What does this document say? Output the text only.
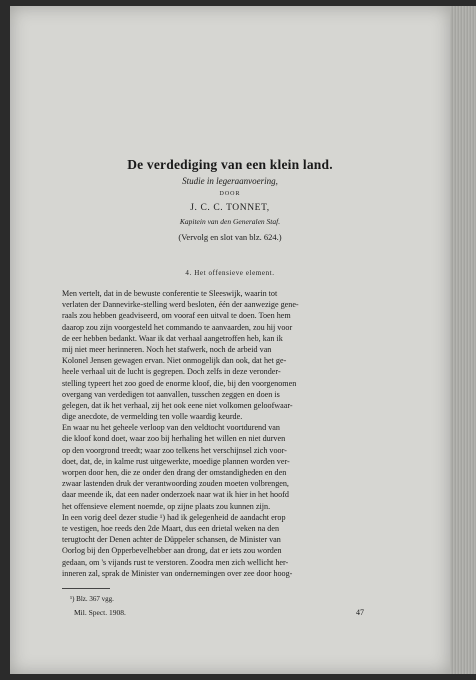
De verdediging van een klein land.
Studie in legeraanvoering,
DOOR
J. C. C. TONNET,
Kapitein van den Generalen Staf.
(Vervolg en slot van blz. 624.)
4. Het offensieve element.
Men vertelt, dat in de bewuste conferentie te Sleeswijk, waarin tot
verlaten der Dannevirke-stelling werd besloten, één der aanwezige gene-
raals zou hebben geadviseerd, om vooraf een uitval te doen. Toen hem
daarop zou zijn voorgesteld het commando te aanvaarden, zou hij voor
de eer hebben bedankt. Waar ik dat verhaal aangetroffen heb, kan ik
mij niet meer herinneren. Noch het stafwerk, noch de arbeid van
Kolonel Jensen gewagen ervan. Niet onmogelijk dan ook, dat het ge-
heele verhaal uit de lucht is gegrepen. Doch zelfs in deze veronder-
stelling typeert het zoo goed de enorme kloof, die, bij den voorgenomen
overgang van verdedigen tot aanvallen, tusschen zeggen en doen is
gelegen, dat ik het verhaal, zij het ook eene niet volkomen geloofwaar-
dige anecdote, de vermelding ten volle waardig keurde.
En waar nu het geheele verloop van den veldtocht voortdurend van
die kloof kond doet, waar zoo bij herhaling het willen en niet durven
op den voorgrond treedt; waar zoo telkens het verschijnsel zich voor-
doet, dat, de, in kalme rust uitgewerkte, moedige plannen worden ver-
worpen door hen, die ze onder den drang der omstandigheden en den
zwaar lastenden druk der verantwoording zouden moeten volbrengen,
daar meende ik, dat een nader onderzoek naar wat ik hier in het hoofd
het offensieve element noemde, op zijne plaats zou kunnen zijn.
In een vorig deel dezer studie ¹) had ik gelegenheid de aandacht erop
te vestigen, hoe reeds den 2de Maart, dus een drietal weken na den
terugtocht der Denen achter de Düppeler schansen, de Minister van
Oorlog bij den Opperbevelhebber aan drong, dat er iets zou worden
gedaan, om 's vijands rust te verstoren. Zoodra men zich wellicht her-
inneren zal, sprak de Minister van ondernemingen over zee door hoog-
¹) Blz. 367 vgg.
Mil. Spect. 1908.	47
